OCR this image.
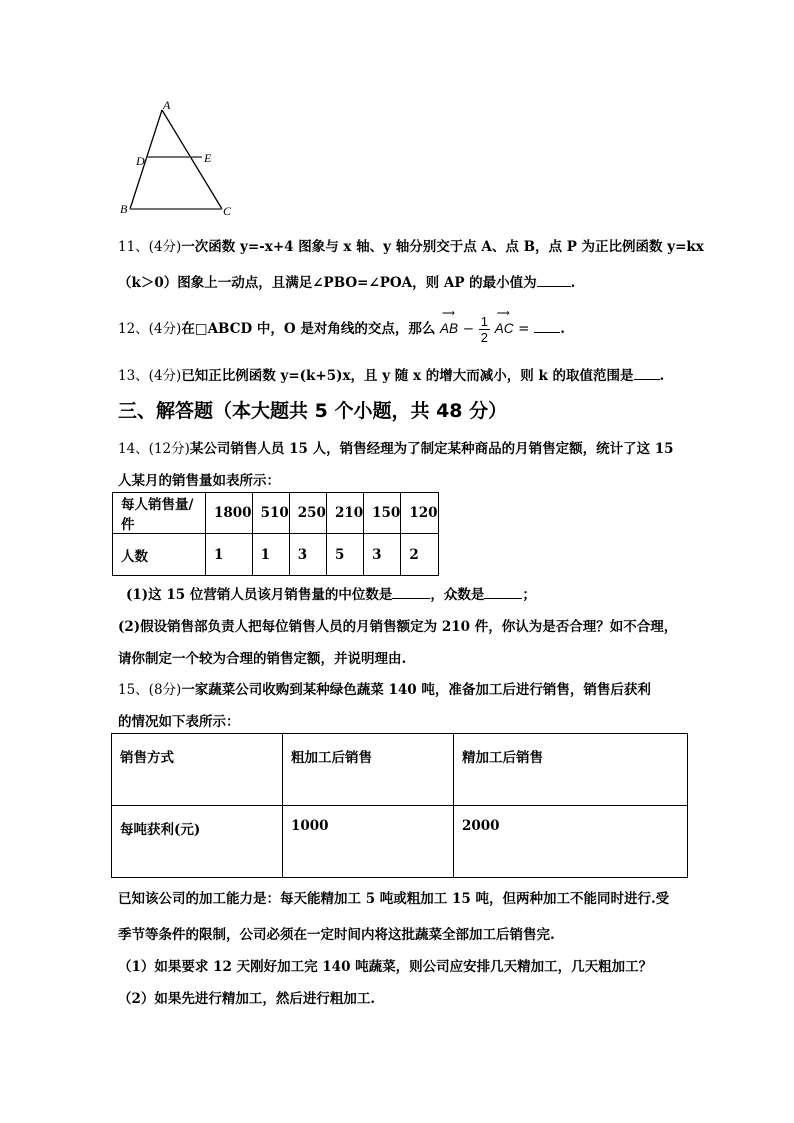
A
D	E
B	C
11、(4分)一次函数 y=-x+4 图象与 x 轴、y 轴分别交于点 A、点 B，点 P 为正比例函数 y=kx
（k＞0）图象上一动点，且满足∠PBO=∠POA，则 AP 的最小值为	.
12、(4分)在□ABCD 中，O 是对角线的交点，那么
⟶
AB − $\frac{1}{2}$

⟶
AC = .
13、(4分)已知正比例函数 y=(k+5)x，且 y 随 x 的增大而减小，则 k 的取值范围是 .
三、解答题（本大题共 5 个小题，共 48 分）
14、(12分)某公司销售人员 15 人，销售经理为了制定某种商品的月销售定额，统计了这 15
人某月的销售量如表所示：
每人销售量/件	1800	510	250	210	150	120
人数	1	1	3	5	3	2
(1)这 15 位营销人员该月销售量的中位数是	，众数是	；
(2)假设销售部负责人把每位销售人员的月销售额定为 210 件，你认为是否合理？如不合理，
请你制定一个较为合理的销售定额，并说明理由.
15、(8分)一家蔬菜公司收购到某种绿色蔬菜 140 吨，准备加工后进行销售，销售后获利
的情况如下表所示：
销售方式	粗加工后销售	精加工后销售
每吨获利(元)	1000	2000
已知该公司的加工能力是：每天能精加工 5 吨或粗加工 15 吨，但两种加工不能同时进行.受
季节等条件的限制，公司必须在一定时间内将这批蔬菜全部加工后销售完.
（1）如果要求 12 天刚好加工完 140 吨蔬菜，则公司应安排几天精加工，几天粗加工？
（2）如果先进行精加工，然后进行粗加工.
